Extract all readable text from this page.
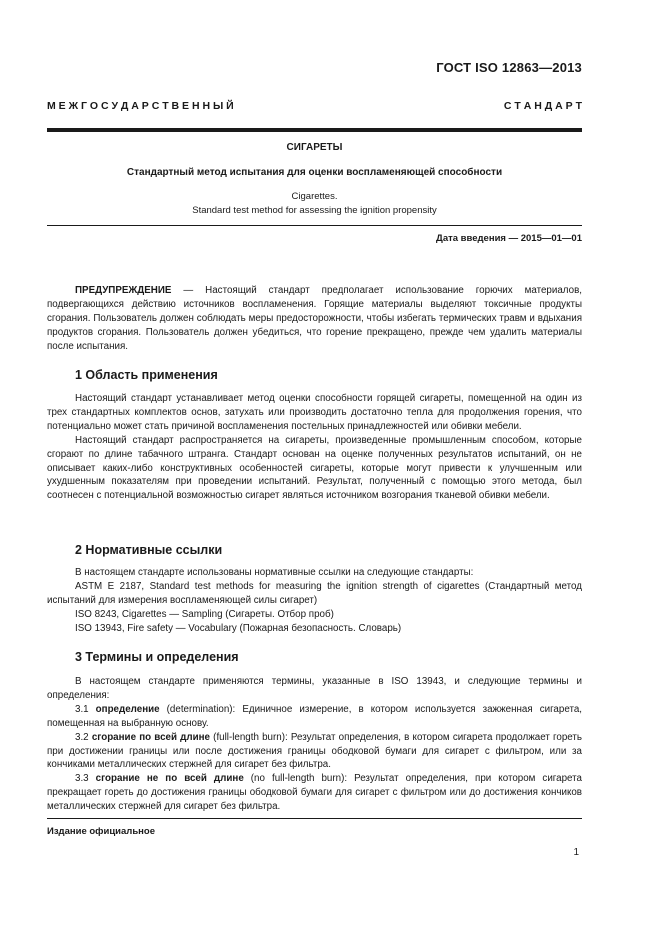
ГОСТ ISO 12863—2013
М Е Ж Г О С У Д А Р С Т В Е Н Н Ы Й	С Т А Н Д А Р Т
СИГАРЕТЫ
Стандартный метод испытания для оценки воспламеняющей способности
Cigarettes.
Standard test method for assessing the ignition propensity
Дата введения — 2015—01—01

ПРЕДУПРЕЖДЕНИЕ — Настоящий стандарт предполагает использование горючих материалов, подвергающихся действию источников воспламенения. Горящие материалы выделяют токсичные продукты сгорания. Пользователь должен соблюдать меры предосторожности, чтобы избегать термических травм и вдыхания продуктов сгорания. Пользователь должен убедиться, что горение прекращено, прежде чем удалить материалы после испытания.

1 Область применения

Настоящий стандарт устанавливает метод оценки способности горящей сигареты, помещенной на один из трех стандартных комплектов основ, затухать или производить достаточно тепла для продолжения горения, что потенциально может стать причиной воспламенения постельных принадлежностей или обивки мебели.

Настоящий стандарт распространяется на сигареты, произведенные промышленным способом, которые сгорают по длине табачного штранга. Стандарт основан на оценке полученных результатов испытаний, он не описывает каких-либо конструктивных особенностей сигареты, которые могут привести к улучшенным или ухудшенным показателям при проведении испытаний. Результат, полученный с помощью этого метода, был соотнесен с потенциальной возможностью сигарет являться источником возгорания тканевой обивки мебели.

2 Нормативные ссылки

В настоящем стандарте использованы нормативные ссылки на следующие стандарты:

ASTM E 2187, Standard test methods for measuring the ignition strength of cigarettes (Стандартный метод испытаний для измерения воспламеняющей силы сигарет)

ISO 8243, Cigarettes — Sampling (Сигареты. Отбор проб)

ISO 13943, Fire safety — Vocabulary (Пожарная безопасность. Словарь)

3 Термины и определения

В настоящем стандарте применяются термины, указанные в ISO 13943, и следующие термины и определения:

3.1 определение (determination): Единичное измерение, в котором используется зажженная сигарета, помещенная на выбранную основу.

3.2 сгорание по всей длине (full-length burn): Результат определения, в котором сигарета продолжает гореть при достижении границы или после достижения границы ободковой бумаги для сигарет с фильтром, или за кончиками металлических стержней для сигарет без фильтра.

3.3 сгорание не по всей длине (no full-length burn): Результат определения, при котором сигарета прекращает гореть до достижения границы ободковой бумаги для сигарет с фильтром или до достижения кончиков металлических стержней для сигарет без фильтра.

Издание официальное
1
